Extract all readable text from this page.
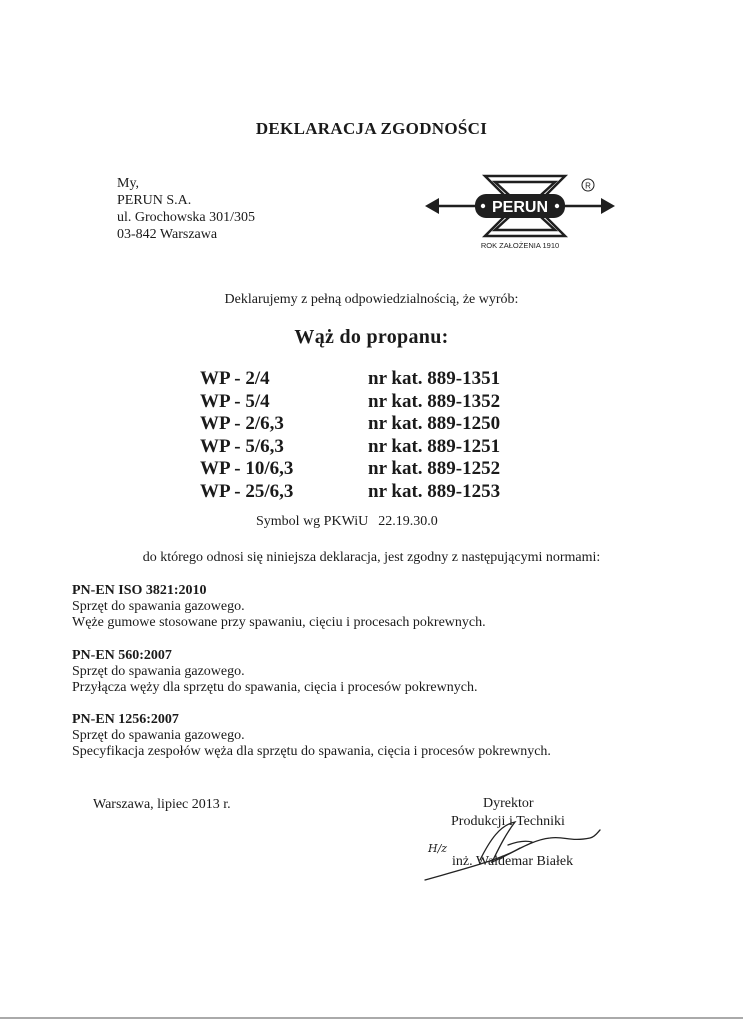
DEKLARACJA ZGODNOŚCI
My,
PERUN S.A.
ul. Grochowska 301/305
03-842 Warszawa
PERUN
R
ROK ZAŁOŻENIA 1910
Deklarujemy z pełną odpowiedzialnością, że wyrób:
Wąż do propanu:
WP - 2/4	nr kat. 889-1351
WP - 5/4	nr kat. 889-1352
WP - 2/6,3	nr kat. 889-1250
WP - 5/6,3	nr kat. 889-1251
WP - 10/6,3	nr kat. 889-1252
WP - 25/6,3	nr kat. 889-1253
Symbol wg PKWiU 22.19.30.0
do którego odnosi się niniejsza deklaracja, jest zgodny z następującymi normami:
PN-EN ISO 3821:2010
Sprzęt do spawania gazowego.
Węże gumowe stosowane przy spawaniu, cięciu i procesach pokrewnych.
PN-EN 560:2007
Sprzęt do spawania gazowego.
Przyłącza węży dla sprzętu do spawania, cięcia i procesów pokrewnych.
PN-EN 1256:2007
Sprzęt do spawania gazowego.
Specyfikacja zespołów węża dla sprzętu do spawania, cięcia i procesów pokrewnych.
Warszawa, lipiec 2013 r.	Dyrektor
Produkcji i Techniki
inż. Waldemar Białek
H/z
